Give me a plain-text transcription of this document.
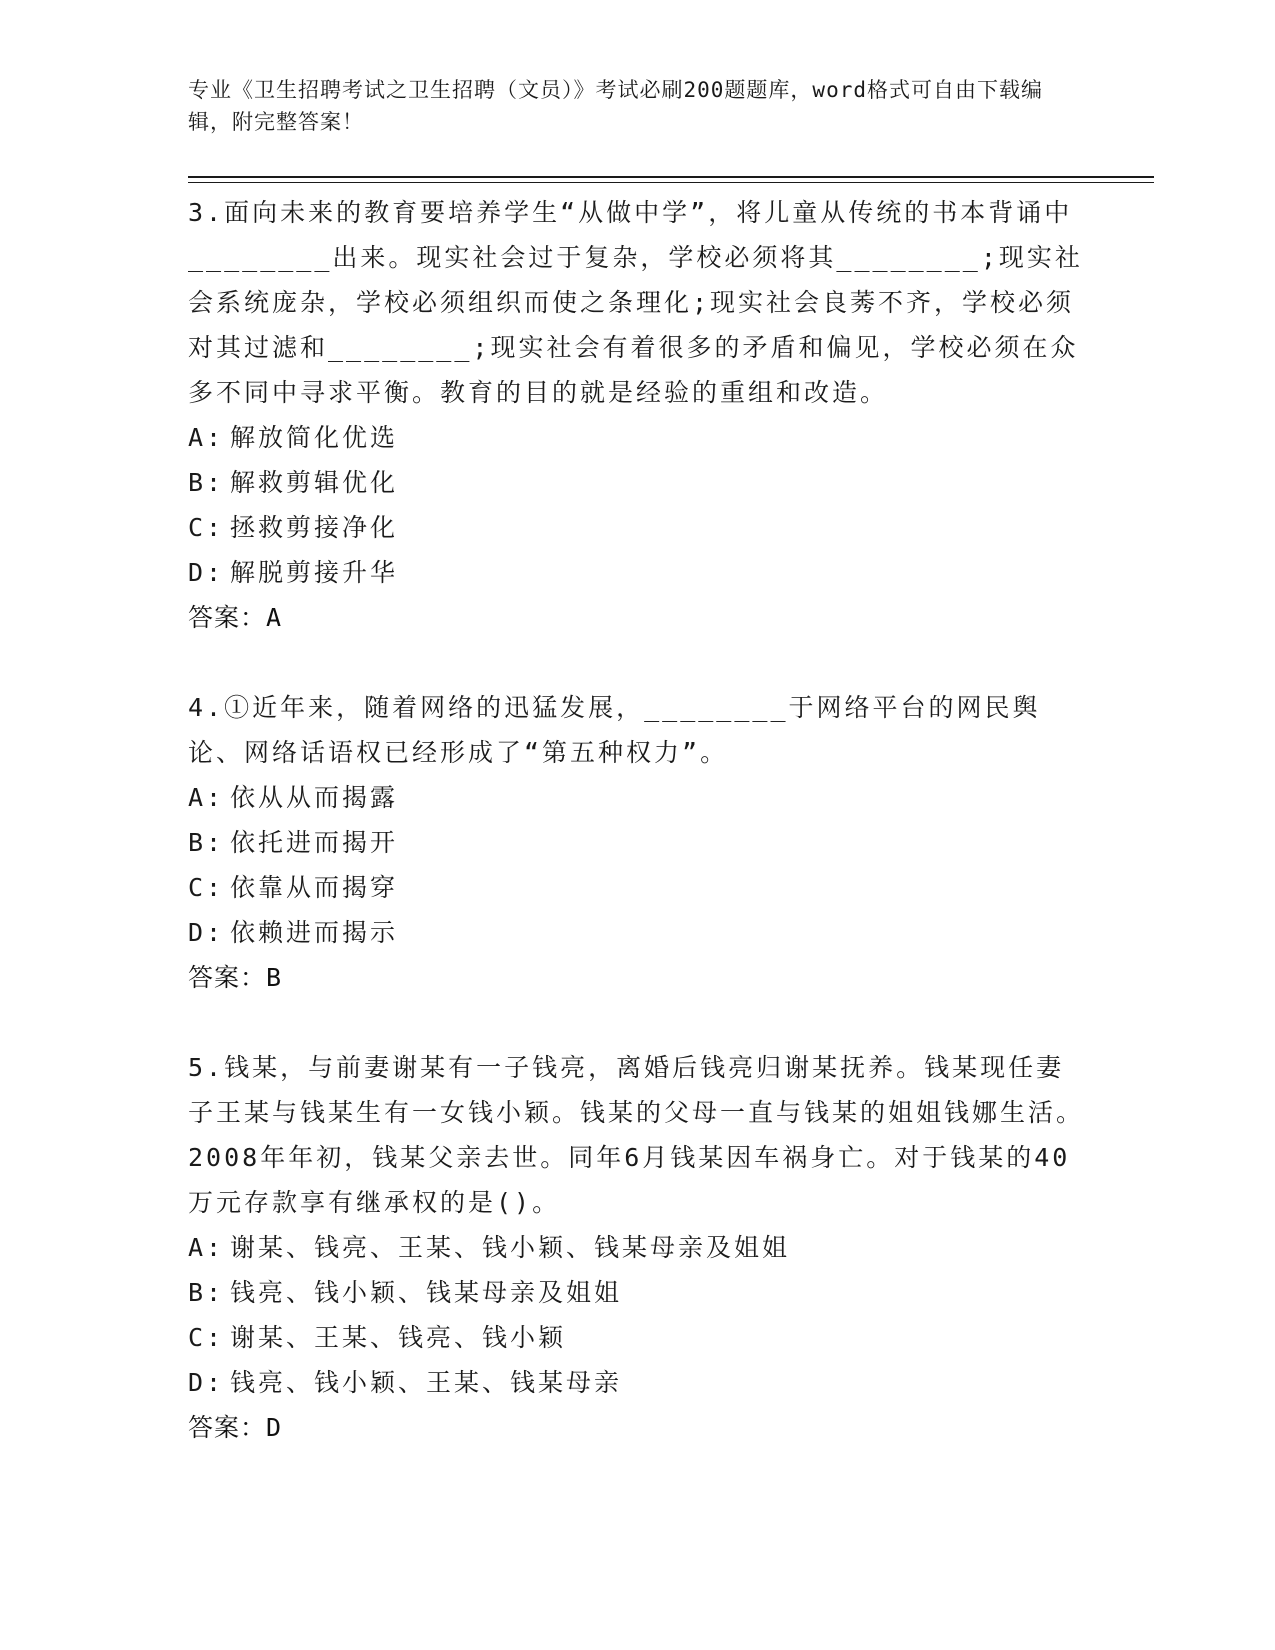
专业《卫生招聘考试之卫生招聘（文员）》考试必刷200题题库，word格式可自由下载编辑，附完整答案！

3.面向未来的教育要培养学生“从做中学”，将儿童从传统的书本背诵中________出来。现实社会过于复杂，学校必须将其________;现实社会系统庞杂，学校必须组织而使之条理化;现实社会良莠不齐，学校必须对其过滤和________;现实社会有着很多的矛盾和偏见，学校必须在众多不同中寻求平衡。教育的目的就是经验的重组和改造。

A: 解放简化优选
B: 解救剪辑优化
C: 拯救剪接净化
D: 解脱剪接升华
答案：A

4.①近年来，随着网络的迅猛发展，________于网络平台的网民舆论、网络话语权已经形成了“第五种权力”。

A: 依从从而揭露
B: 依托进而揭开
C: 依靠从而揭穿
D: 依赖进而揭示
答案：B

5.钱某，与前妻谢某有一子钱亮，离婚后钱亮归谢某抚养。钱某现任妻子王某与钱某生有一女钱小颖。钱某的父母一直与钱某的姐姐钱娜生活。2008年年初，钱某父亲去世。同年6月钱某因车祸身亡。对于钱某的40万元存款享有继承权的是()。

A: 谢某、钱亮、王某、钱小颖、钱某母亲及姐姐
B: 钱亮、钱小颖、钱某母亲及姐姐
C: 谢某、王某、钱亮、钱小颖
D: 钱亮、钱小颖、王某、钱某母亲
答案：D
